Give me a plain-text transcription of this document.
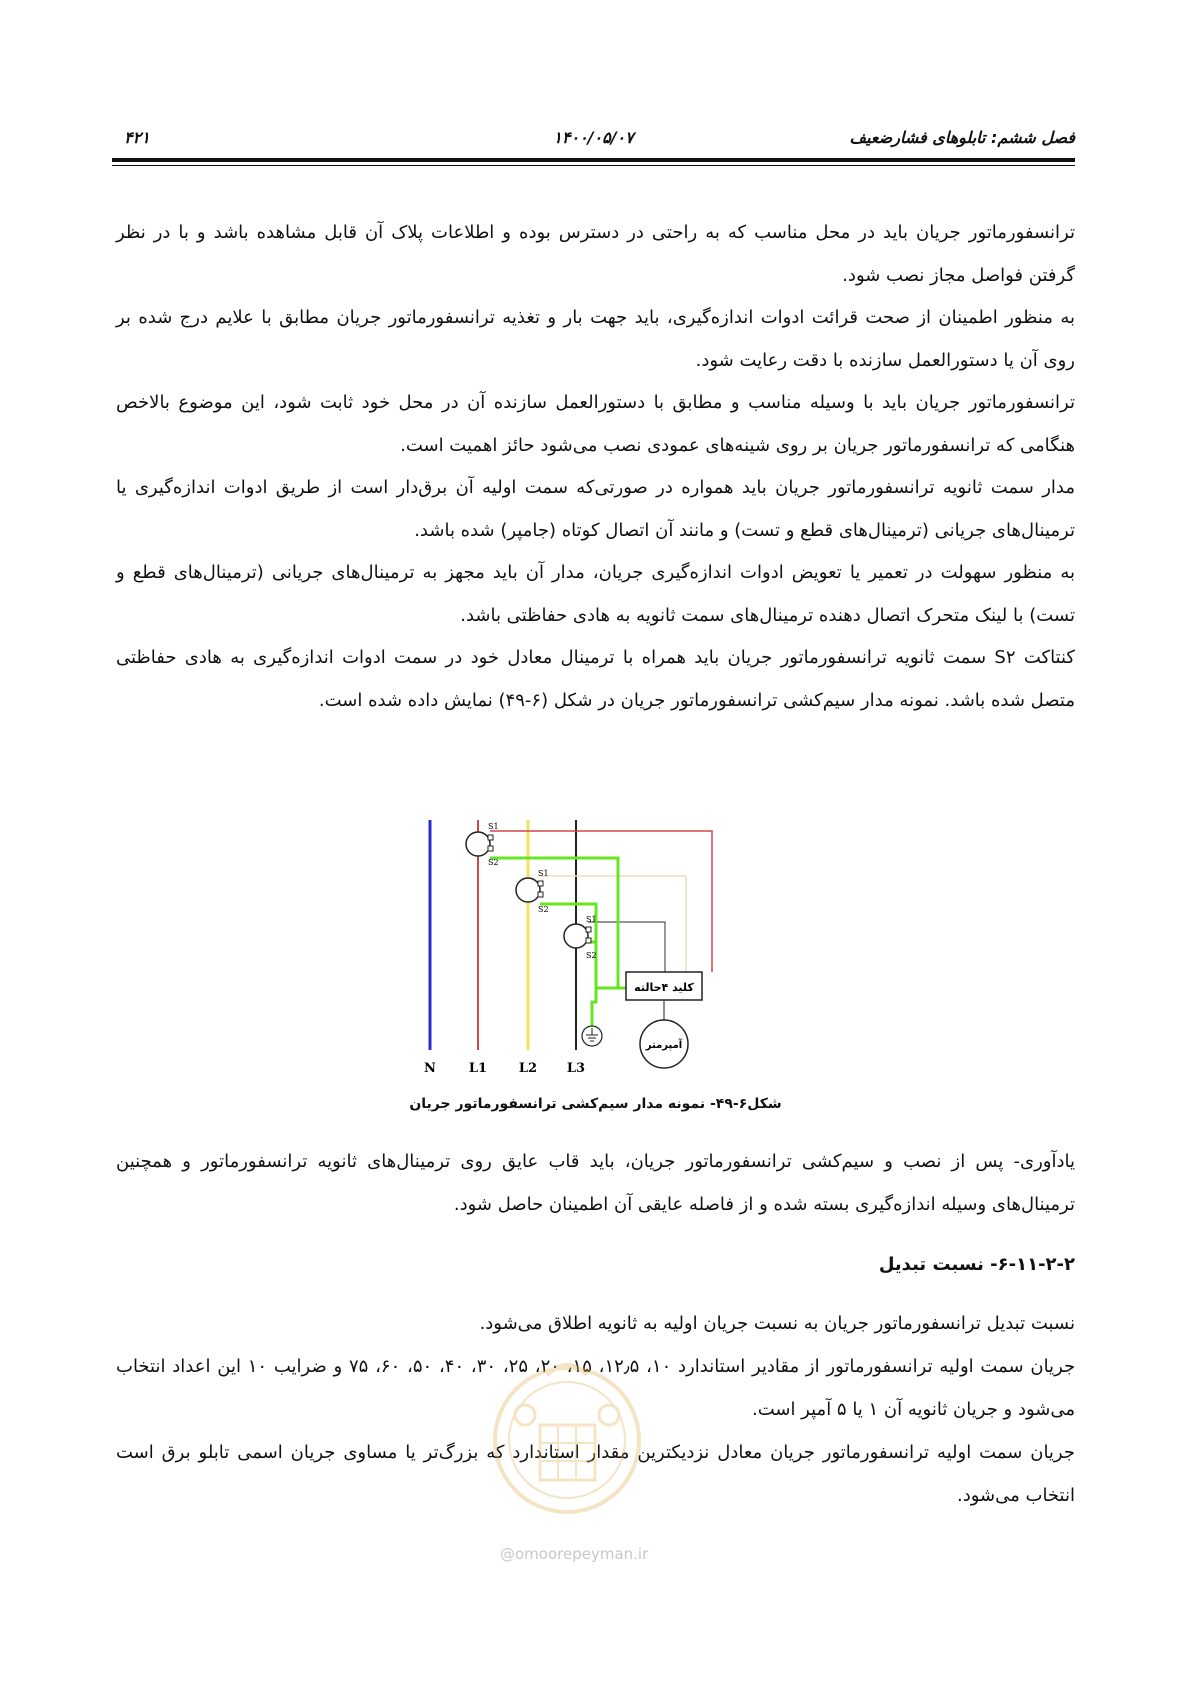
فصل ششم: تابلوهای فشارضعیف
۱۴۰۰/۰۵/۰۷
۴۲۱

ترانسفورماتور جریان باید در محل مناسب که به راحتی در دسترس بوده و اطلاعات پلاک آن قابل مشاهده باشد و با در نظر گرفتن فواصل مجاز نصب شود.

به منظور اطمینان از صحت قرائت ادوات اندازه‌گیری، باید جهت بار و تغذیه ترانسفورماتور جریان مطابق با علایم درج شده بر روی آن یا دستورالعمل سازنده با دقت رعایت شود.

ترانسفورماتور جریان باید با وسیله مناسب و مطابق با دستورالعمل سازنده آن در محل خود ثابت شود، این موضوع بالاخص هنگامی که ترانسفورماتور جریان بر روی شینه‌های عمودی نصب می‌شود حائز اهمیت است.

مدار سمت ثانویه ترانسفورماتور جریان باید همواره در صورتی‌که سمت اولیه آن برق‌دار است از طریق ادوات اندازه‌گیری یا ترمینال‌های جریانی (ترمینال‌های قطع و تست) و مانند آن اتصال کوتاه (جامپر) شده باشد.

به منظور سهولت در تعمیر یا تعویض ادوات اندازه‌گیری جریان، مدار آن باید مجهز به ترمینال‌های جریانی (ترمینال‌های قطع و تست) با لینک متحرک اتصال دهنده ترمینال‌های سمت ثانویه به هادی حفاظتی باشد.

کنتاکت S۲ سمت ثانویه ترانسفورماتور جریان باید همراه با ترمینال معادل خود در سمت ادوات اندازه‌گیری به هادی حفاظتی متصل شده باشد. نمونه مدار سیم‌کشی ترانسفورماتور جریان در شکل (۶-۴۹) نمایش داده شده است.

S1
S2
S1
S2
S1
S2
کلید ۴حالته
آمپرمتر
N	L1 L2 L3
شکل۶-۴۹- نمونه مدار سیم‌کشی ترانسفورماتور جریان

یادآوری- پس از نصب و سیم‌کشی ترانسفورماتور جریان، باید قاب عایق روی ترمینال‌های ثانویه ترانسفورماتور و همچنین ترمینال‌های وسیله اندازه‌گیری بسته شده و از فاصله عایقی آن اطمینان حاصل شود.

۶-۱۱-۲-۲- نسبت تبدیل

نسبت تبدیل ترانسفورماتور جریان به نسبت جریان اولیه به ثانویه اطلاق می‌شود.

جریان سمت اولیه ترانسفورماتور از مقادیر استاندارد ۱۰، ۱۲٫۵، ۱۵، ۲۰، ۲۵، ۳۰، ۴۰، ۵۰، ۶۰، ۷۵ و ضرایب ۱۰ این اعداد انتخاب می‌شود و جریان ثانویه آن ۱ یا ۵ آمپر است.

جریان سمت اولیه ترانسفورماتور جریان معادل نزدیکترین مقدار استاندارد که بزرگ‌تر یا مساوی جریان اسمی تابلو برق است انتخاب می‌شود.

@omoorepeyman.ir
